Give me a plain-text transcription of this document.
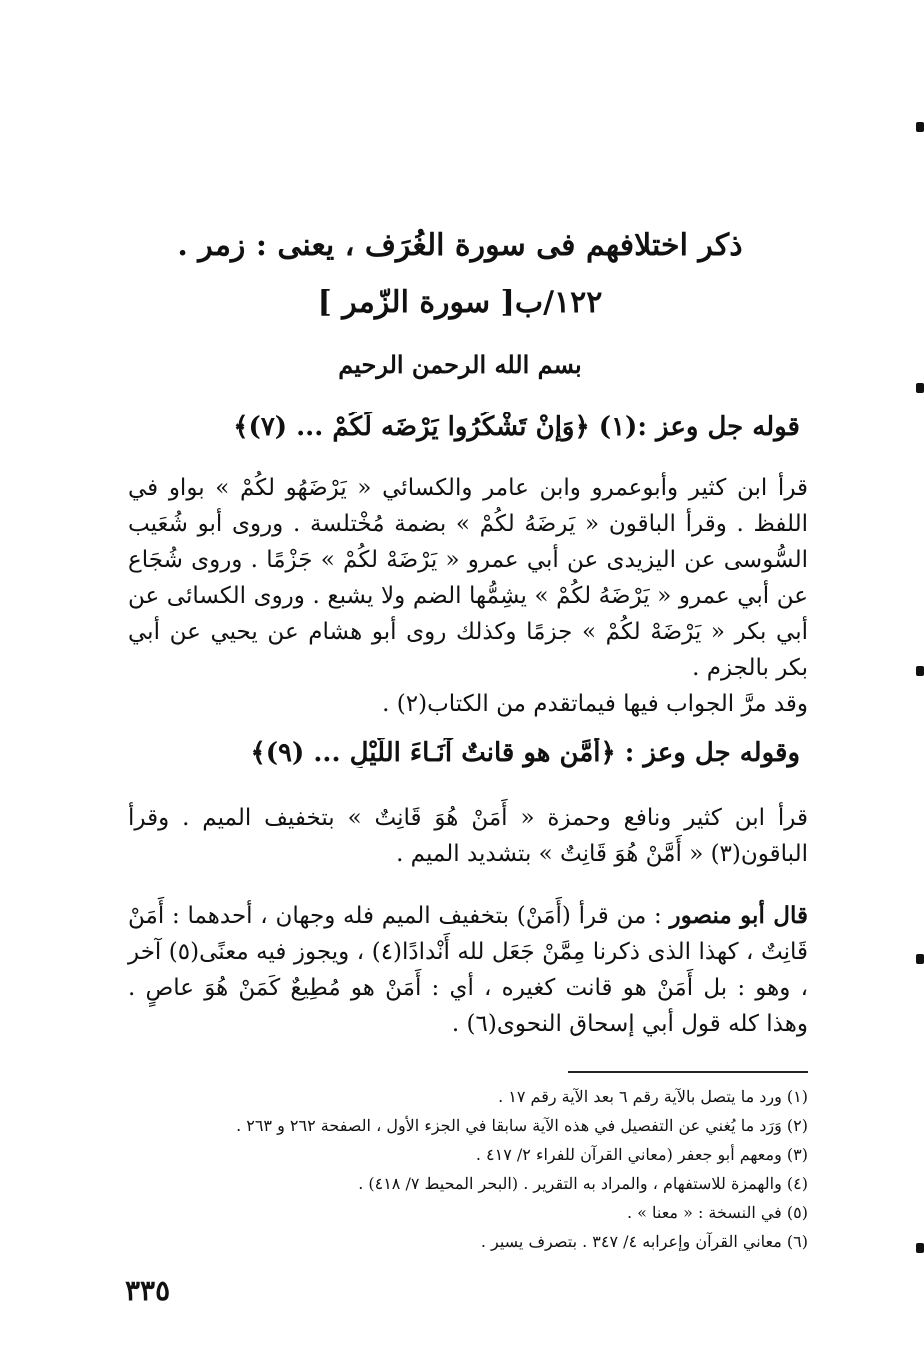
ذكر اختلافهم فى سورة الغُرَف ، يعنى : زمر .
١٢٢/ب[ سورة الزّمر ]
بسم الله الرحمن الرحيم
قوله جل وعز :(١) ﴿وَإِنْ تَشْكُرُوا يَرْضَه لَكُمْ ... (٧)﴾
قرأ ابن كثير وأبوعمرو وابن عامر والكسائي « يَرْضَهُو لكُمْ » بواو في اللفظ . وقرأ الباقون « يَرضَهُ لكُمْ » بضمة مُخْتلسة . وروى أبو شُعَيب السُّوسى عن اليزيدى عن أبي عمرو « يَرْضَهْ لكُمْ » جَزْمًا . وروى شُجَاع عن أبي عمرو « يَرْضَهُ لكُمْ » يشِمُّها الضم ولا يشبع . وروى الكسائى عن أبي بكر « يَرْضَهْ لكُمْ » جزمًا وكذلك روى أبو هشام عن يحيي عن أبي بكر بالجزم .
وقد مرَّ الجواب فيها فيماتقدم من الكتاب(٢) .
وقوله جل وعز : ﴿أَمَّن هو قانتٌ آنَـاءَ اللَّيْلِ ... (٩)﴾
قرأ ابن كثير ونافع وحمزة « أَمَنْ هُوَ قَانِتٌ » بتخفيف الميم . وقرأ الباقون(٣) « أَمَّنْ هُوَ قَانِتٌ » بتشديد الميم .
قال أبو منصور : من قرأ (أَمَنْ) بتخفيف الميم فله وجهان ، أحدهما : أَمَنْ قَانِتٌ ، كهذا الذى ذكرنا مِمَّنْ جَعَل لله أَنْدادًا(٤) ، ويجوز فيه معنًى(٥) آخر ، وهو : بل أَمَنْ هو قانت كغيره ، أي : أَمَنْ هو مُطِيعٌ كَمَنْ هُوَ عاصٍ . وهذا كله قول أبي إسحاق النحوى(٦) .
(١) ورد ما يتصل بالآية رقم ٦ بعد الآية رقم ١٧ .
(٢) وَرَد ما يُغني عن التفصيل في هذه الآية سابقا في الجزء الأول ، الصفحة ٢٦٢ و ٢٦٣ .
(٣) ومعهم أبو جعفر (معاني القرآن للفراء ٢/ ٤١٧ .
(٤) والهمزة للاستفهام ، والمراد به التقرير . (البحر المحيط ٧/ ٤١٨) .
(٥) في النسخة : « معنا » .
(٦) معاني القرآن وإعرابه ٤/ ٣٤٧ . بتصرف يسير .
٣٣٥
